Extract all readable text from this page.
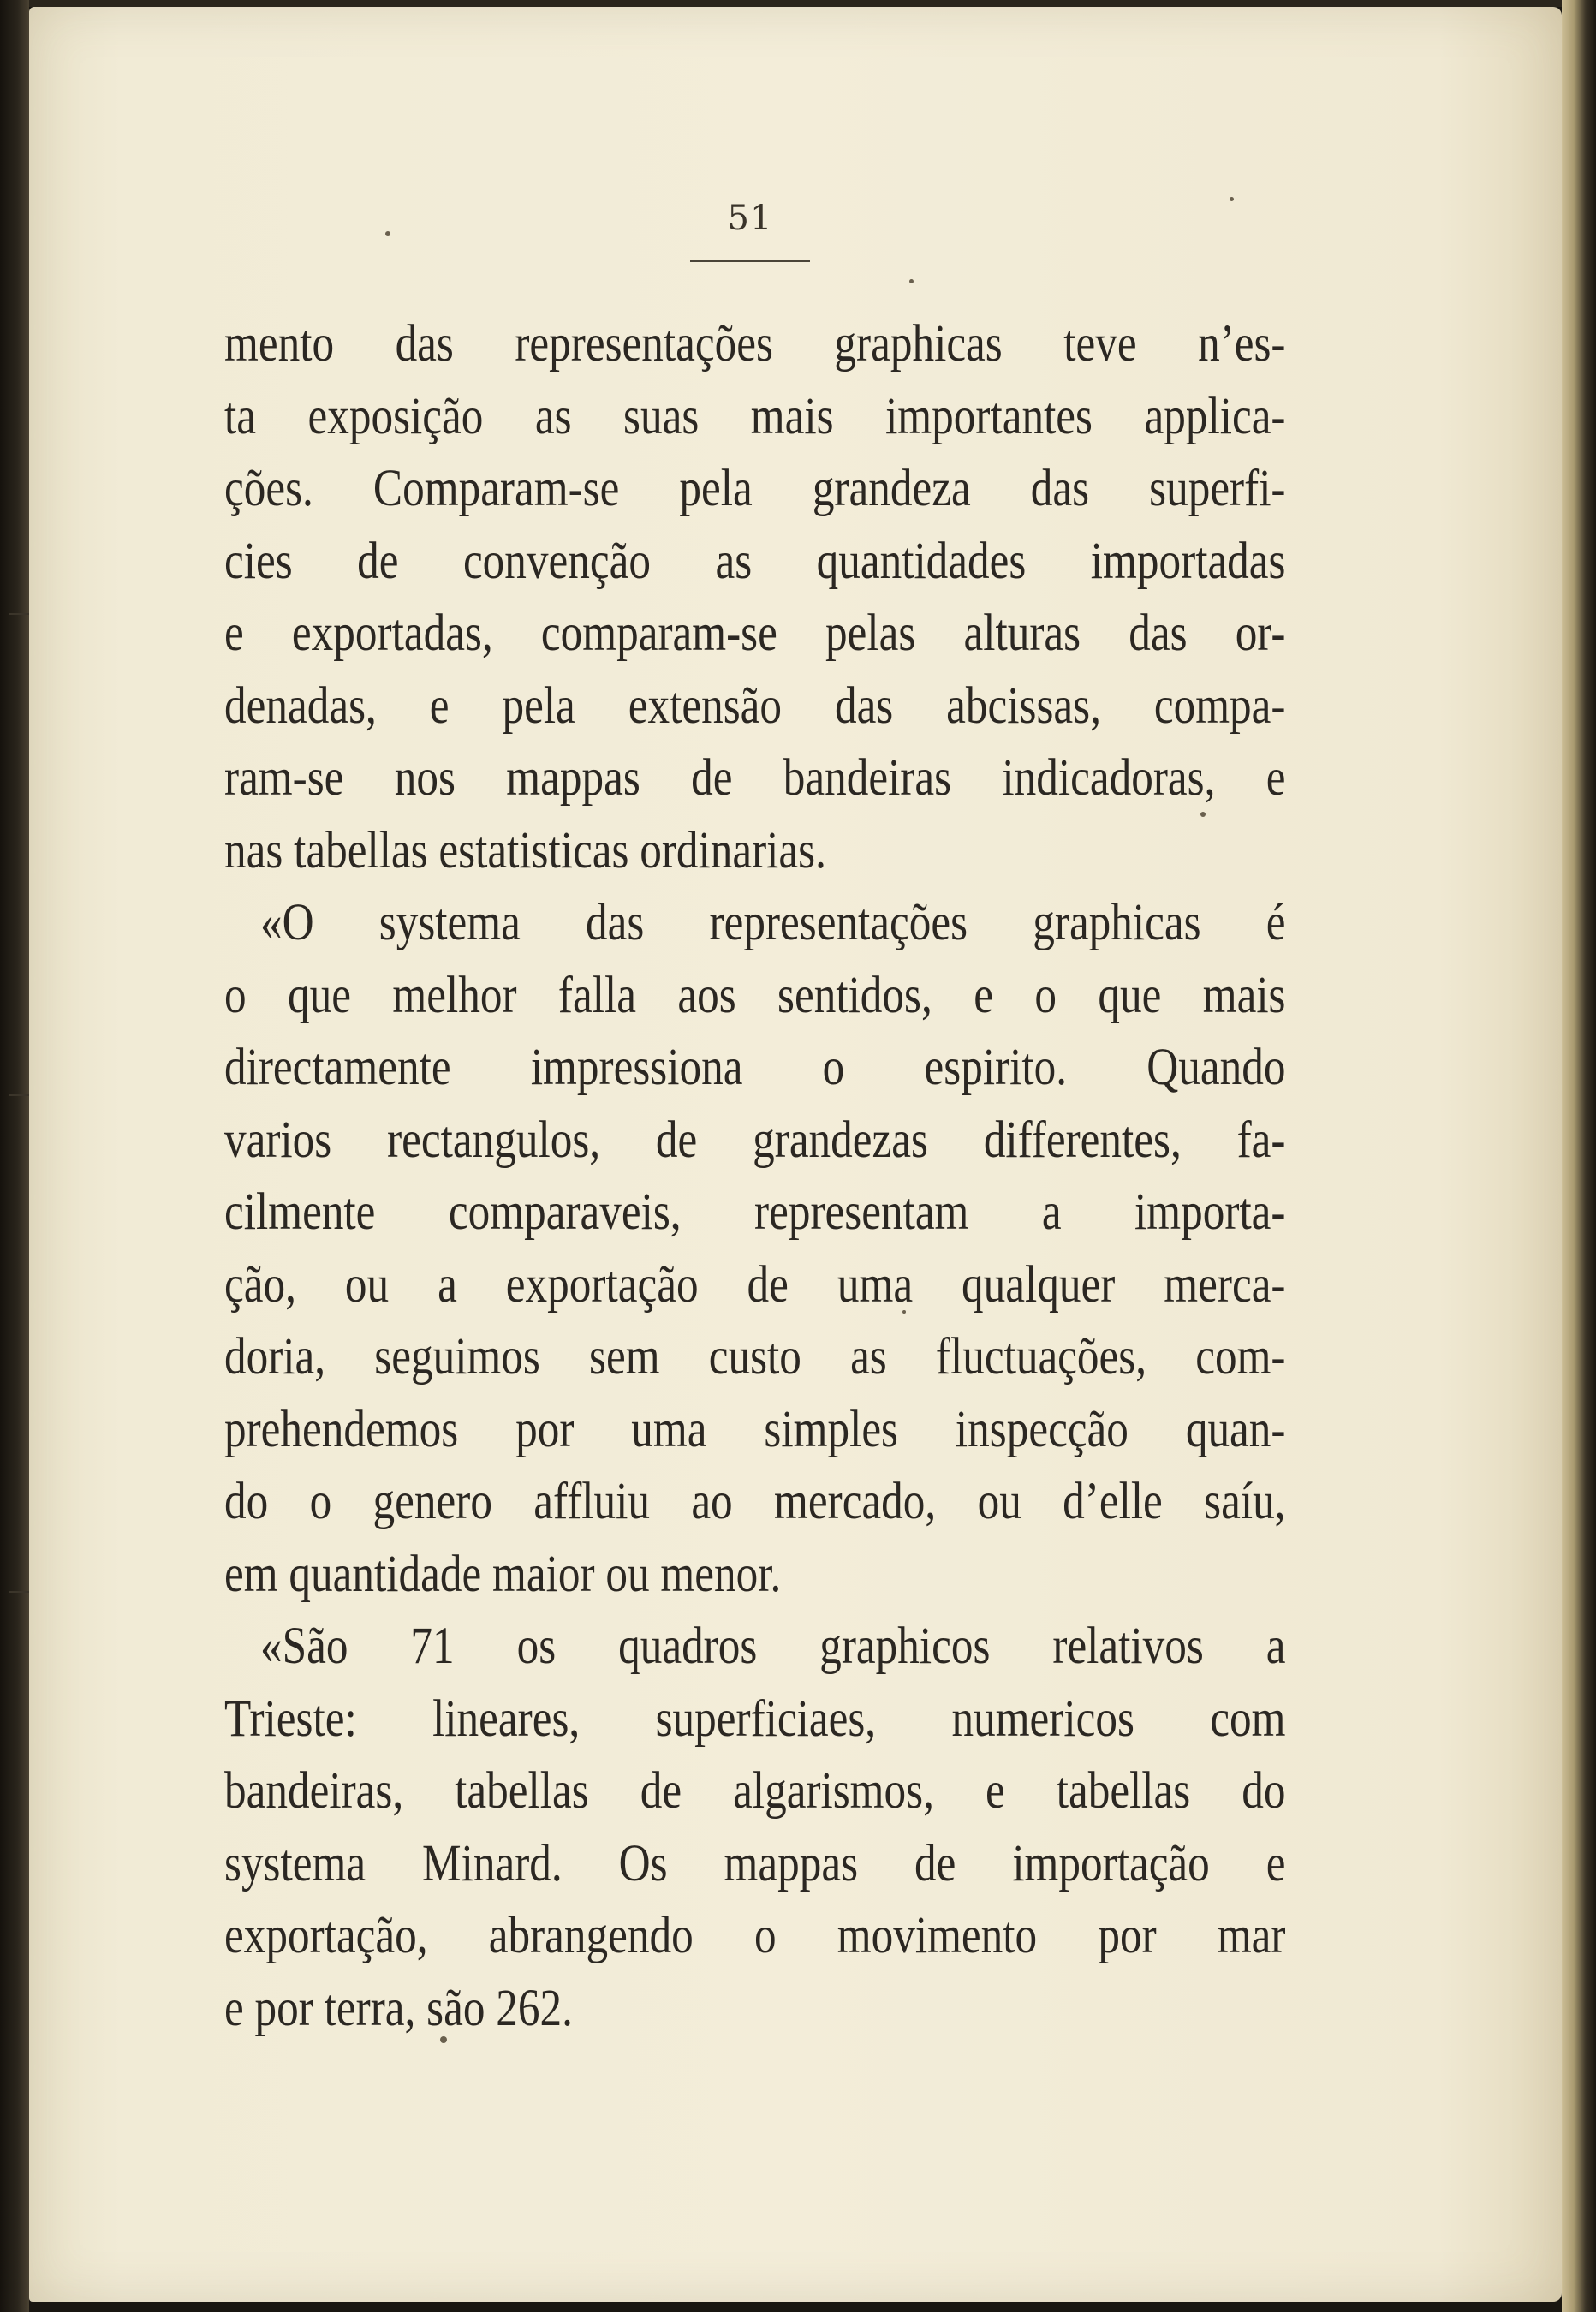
51
mento das representações graphicas teve n’es-
ta exposição as suas mais importantes applica-
ções. Comparam-se pela grandeza das superfi-
cies de convenção as quantidades importadas
e exportadas, comparam-se pelas alturas das or-
denadas, e pela extensão das abcissas, compa-
ram-se nos mappas de bandeiras indicadoras, e
nas tabellas estatisticas ordinarias.
«O systema das representações graphicas é
o que melhor falla aos sentidos, e o que mais
directamente impressiona o espirito. Quando
varios rectangulos, de grandezas differentes, fa-
cilmente comparaveis, representam a importa-
ção, ou a exportação de uma qualquer merca-
doria, seguimos sem custo as fluctuações, com-
prehendemos por uma simples inspecção quan-
do o genero affluiu ao mercado, ou d’elle saíu,
em quantidade maior ou menor.
«São 71 os quadros graphicos relativos a
Trieste: lineares, superficiaes, numericos com
bandeiras, tabellas de algarismos, e tabellas do
systema Minard. Os mappas de importação e
exportação, abrangendo o movimento por mar
e por terra, são 262.
